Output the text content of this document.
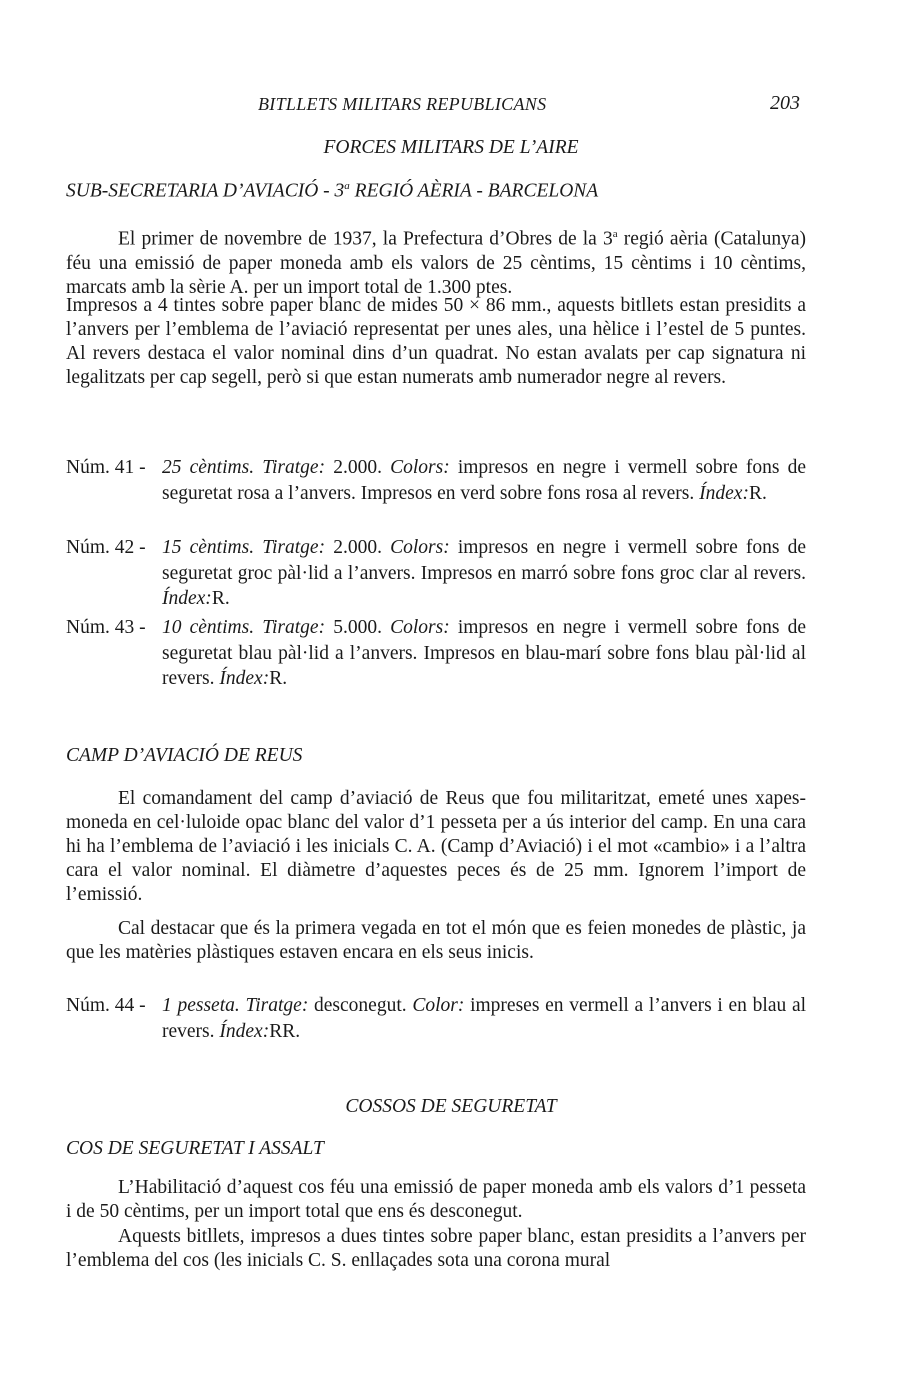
BITLLETS MILITARS REPUBLICANS	203
FORCES MILITARS DE L’AIRE
SUB-SECRETARIA D’AVIACIÓ - 3$^a$ REGIÓ AÈRIA - BARCELONA
El primer de novembre de 1937, la Prefectura d’Obres de la 3$^a$ regió aèria (Catalunya) féu una emissió de paper moneda amb els valors de 25 cèntims, 15 cèntims i 10 cèntims, marcats amb la sèrie A. per un import total de 1.300 ptes.
Impresos a 4 tintes sobre paper blanc de mides 50 × 86 mm., aquests bitllets estan presidits a l’anvers per l’emblema de l’aviació representat per unes ales, una hèlice i l’estel de 5 puntes. Al revers destaca el valor nominal dins d’un quadrat. No estan avalats per cap signatura ni legalitzats per cap segell, però si que estan numerats amb numerador negre al revers.
Núm. 41 - 25 cèntims. Tiratge: 2.000. Colors: impresos en negre i vermell sobre fons de seguretat rosa a l’anvers. Impresos en verd sobre fons rosa al revers. Índex:R.
Núm. 42 - 15 cèntims. Tiratge: 2.000. Colors: impresos en negre i vermell sobre fons de seguretat groc pàl·lid a l’anvers. Impresos en marró sobre fons groc clar al revers. Índex:R.
Núm. 43 - 10 cèntims. Tiratge: 5.000. Colors: impresos en negre i vermell sobre fons de seguretat blau pàl·lid a l’anvers. Impresos en blau-marí sobre fons blau pàl·lid al revers. Índex:R.
CAMP D’AVIACIÓ DE REUS
El comandament del camp d’aviació de Reus que fou militaritzat, emeté unes xapes-moneda en cel·luloide opac blanc del valor d’1 pesseta per a ús interior del camp. En una cara hi ha l’emblema de l’aviació i les inicials C. A. (Camp d’Aviació) i el mot «cambio» i a l’altra cara el valor nominal. El diàmetre d’aquestes peces és de 25 mm. Ignorem l’import de l’emissió.
Cal destacar que és la primera vegada en tot el món que es feien monedes de plàstic, ja que les matèries plàstiques estaven encara en els seus inicis.
Núm. 44 - 1 pesseta. Tiratge: desconegut. Color: impreses en vermell a l’anvers i en blau al revers. Índex:RR.
COSSOS DE SEGURETAT
COS DE SEGURETAT I ASSALT
L’Habilitació d’aquest cos féu una emissió de paper moneda amb els valors d’1 pesseta i de 50 cèntims, per un import total que ens és desconegut.
Aquests bitllets, impresos a dues tintes sobre paper blanc, estan presidits a l’anvers per l’emblema del cos (les inicials C. S. enllaçades sota una corona mural
